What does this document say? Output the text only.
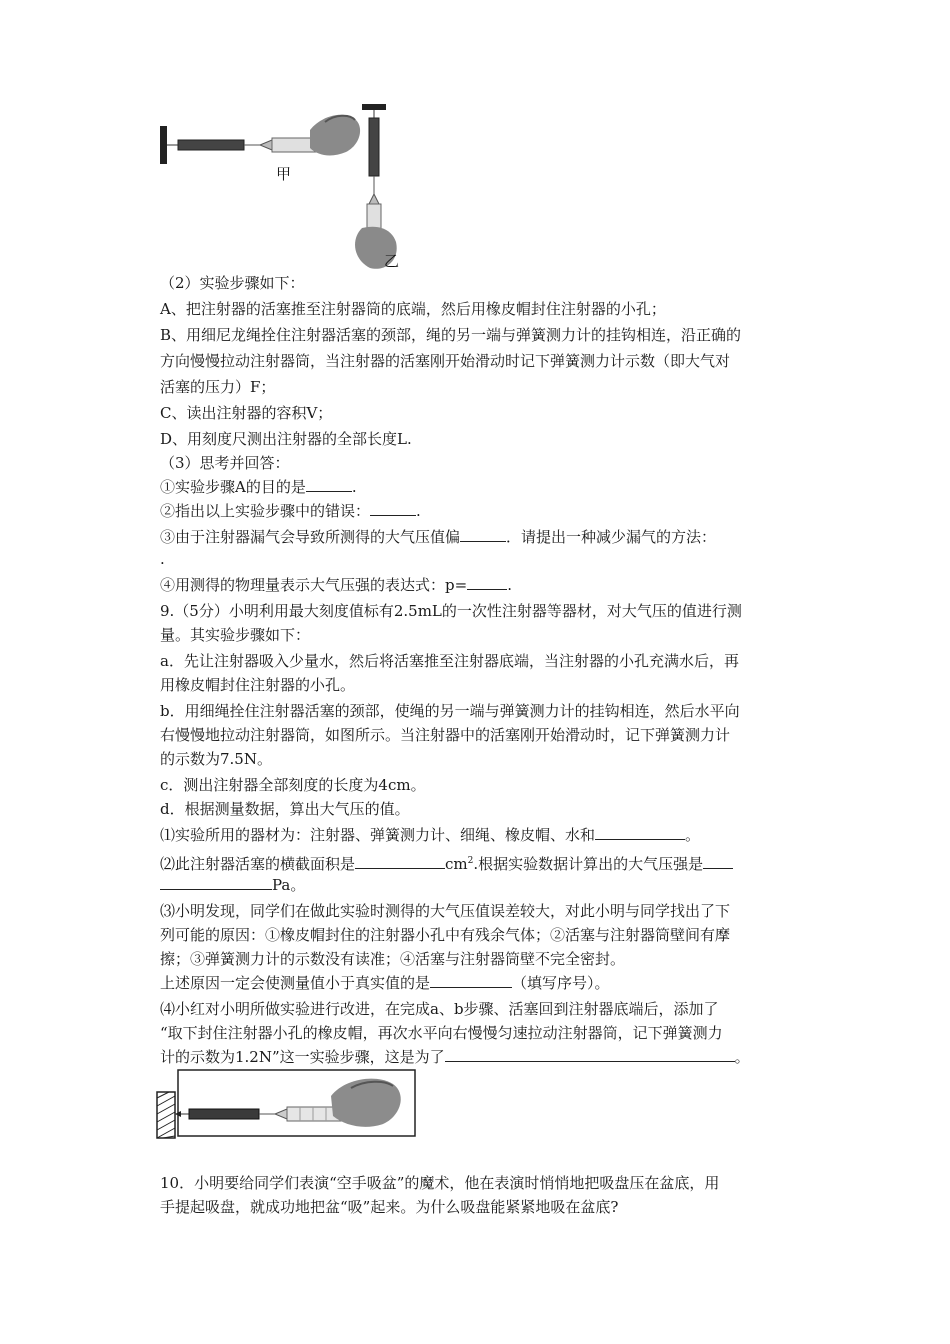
甲
乙
（2）实验步骤如下：
A、把注射器的活塞推至注射器筒的底端，然后用橡皮帽封住注射器的小孔；
B、用细尼龙绳拴住注射器活塞的颈部，绳的另一端与弹簧测力计的挂钩相连，沿正确的
方向慢慢拉动注射器筒，当注射器的活塞刚开始滑动时记下弹簧测力计示数（即大气对
活塞的压力）F；
C、读出注射器的容积V；
D、用刻度尺测出注射器的全部长度L.
（3）思考并回答：
①实验步骤A的目的是	.
②指出以上实验步骤中的错误：	.
③由于注射器漏气会导致所测得的大气压值偏	．请提出一种减少漏气的方法：
.
④用测得的物理量表示大气压强的表达式：p=	.
9.（5分）小明利用最大刻度值标有2.5mL的一次性注射器等器材，对大气压的值进行测
量。其实验步骤如下：
a．先让注射器吸入少量水，然后将活塞推至注射器底端，当注射器的小孔充满水后，再
用橡皮帽封住注射器的小孔。
b．用细绳拴住注射器活塞的颈部，使绳的另一端与弹簧测力计的挂钩相连，然后水平向
右慢慢地拉动注射器筒，如图所示。当注射器中的活塞刚开始滑动时，记下弹簧测力计
的示数为7.5N。
c．测出注射器全部刻度的长度为4cm。
d．根据测量数据，算出大气压的值。
⑴实验所用的器材为：注射器、弹簧测力计、细绳、橡皮帽、水和	。
⑵此注射器活塞的横截面积是	$cm^2$.根据实验数据计算出的大气压强是
Pa。
⑶小明发现，同学们在做此实验时测得的大气压值误差较大，对此小明与同学找出了下
列可能的原因：①橡皮帽封住的注射器小孔中有残余气体；②活塞与注射器筒壁间有摩
擦；③弹簧测力计的示数没有读准；④活塞与注射器筒壁不完全密封。
上述原因一定会使测量值小于真实值的是	（填写序号）。
⑷小红对小明所做实验进行改进，在完成a、b步骤、活塞回到注射器底端后，添加了
“取下封住注射器小孔的橡皮帽，再次水平向右慢慢匀速拉动注射器筒，记下弹簧测力
计的示数为1.2N”这一实验步骤，这是为了	。
10．小明要给同学们表演“空手吸盆”的魔术，他在表演时悄悄地把吸盘压在盆底，用
手提起吸盘，就成功地把盆“吸”起来。为什么吸盘能紧紧地吸在盆底?
